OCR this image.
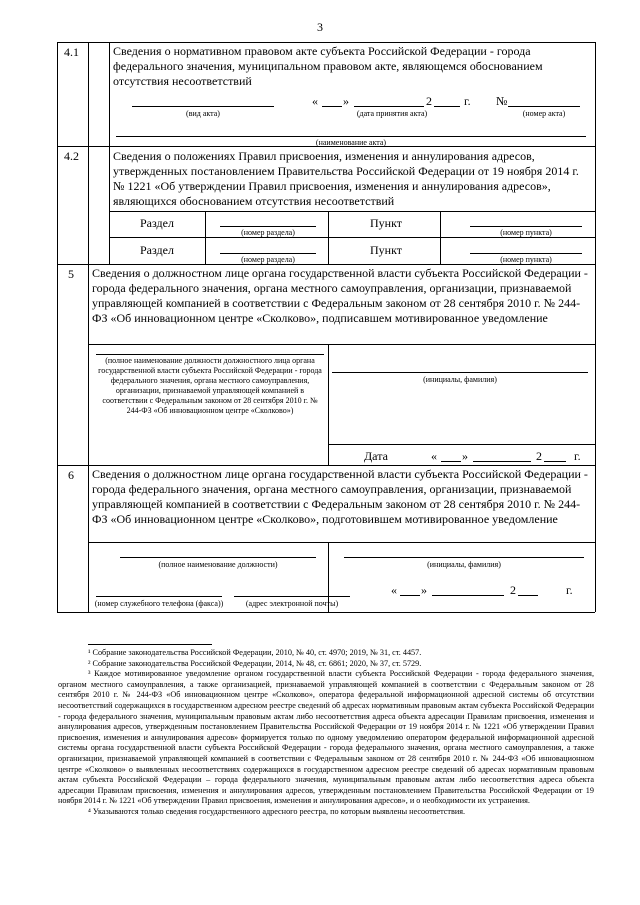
3
4.1	Сведения о нормативном правовом акте субъекта Российской Федерации - города федерального значения, муниципальном правовом акте, являющемся обоснованием отсутствия несоответствий
(вид акта)
« »	2	г.
(дата принятия акта)
№
(номер акта)
(наименование акта)
4.2	Сведения о положениях Правил присвоения, изменения и аннулирования адресов, утвержденных постановлением Правительства Российской Федерации от 19 ноября 2014 г. № 1221 «Об утверждении Правил присвоения, изменения и аннулирования адресов», являющихся обоснованием отсутствия несоответствий
Раздел
(номер раздела)
Пункт
(номер пункта)
Раздел
(номер раздела)
Пункт
(номер пункта)
5 Сведения о должностном лице органа государственной власти субъекта Российской Федерации - города федерального значения, органа местного самоуправления, организации, признаваемой управляющей компанией в соответствии с Федеральным законом от 28 сентября 2010 г. № 244-ФЗ «Об инновационном центре «Сколково», подписавшем мотивированное уведомление
(полное наименование должности должностного лица органа государственной власти субъекта Российской Федерации - города федерального значения, органа местного самоуправления, организации, признаваемой управляющей компанией в соответствии с Федеральным законом от 28 сентября 2010 г. № 244-ФЗ «Об инновационном центре «Сколково»)
(инициалы, фамилия)
Дата	« »	2	г.
6 Сведения о должностном лице органа государственной власти субъекта Российской Федерации - города федерального значения, органа местного самоуправления, организации, признаваемой управляющей компанией в соответствии с Федеральным законом от 28 сентября 2010 г. № 244-ФЗ «Об инновационном центре «Сколково», подготовившем мотивированное уведомление
(полное наименование должности)	(инициалы, фамилия)
(номер служебного телефона (факса))	(адрес электронной почты)
« »	2	г.
¹ Собрание законодательства Российской Федерации, 2010, № 40, ст. 4970; 2019, № 31, ст. 4457.
² Собрание законодательства Российской Федерации, 2014, № 48, ст. 6861; 2020, № 37, ст. 5729.
³ Каждое мотивированное уведомление органом государственной власти субъекта Российской Федерации - города федерального значения, органом местного самоуправления, а также организацией, признаваемой управляющей компанией в соответствии с Федеральным законом от 28 сентября 2010 г. № 244-ФЗ «Об инновационном центре «Сколково», оператора федеральной информационной адресной системы об отсутствии несоответствий содержащихся в государственном адресном реестре сведений об адресах нормативным правовым актам субъекта Российской Федерации - города федерального значения, муниципальным правовым актам либо несоответствия адреса объекта адресации Правилам присвоения, изменения и аннулирования адресов, утвержденным постановлением Правительства Российской Федерации от 19 ноября 2014 г. № 1221 «Об утверждении Правил присвоения, изменения и аннулирования адресов» формируется только по одному уведомлению оператором федеральной информационной адресной системы органа государственной власти субъекта Российской Федерации - города федерального значения, органа местного самоуправления, а также организации, признаваемой управляющей компанией в соответствии с Федеральным законом от 28 сентября 2010 г. № 244-ФЗ «Об инновационном центре «Сколково» о выявленных несоответствиях содержащихся в государственном адресном реестре сведений об адресах нормативным правовым актам субъекта Российской Федерации – города федерального значения, муниципальным правовым актам либо несоответствия адреса объекта адресации Правилам присвоения, изменения и аннулирования адресов, утвержденным постановлением Правительства Российской Федерации от 19 ноября 2014 г. № 1221 «Об утверждении Правил присвоения, изменения и аннулирования адресов», и о необходимости их устранения.
⁴ Указываются только сведения государственного адресного реестра, по которым выявлены несоответствия.
